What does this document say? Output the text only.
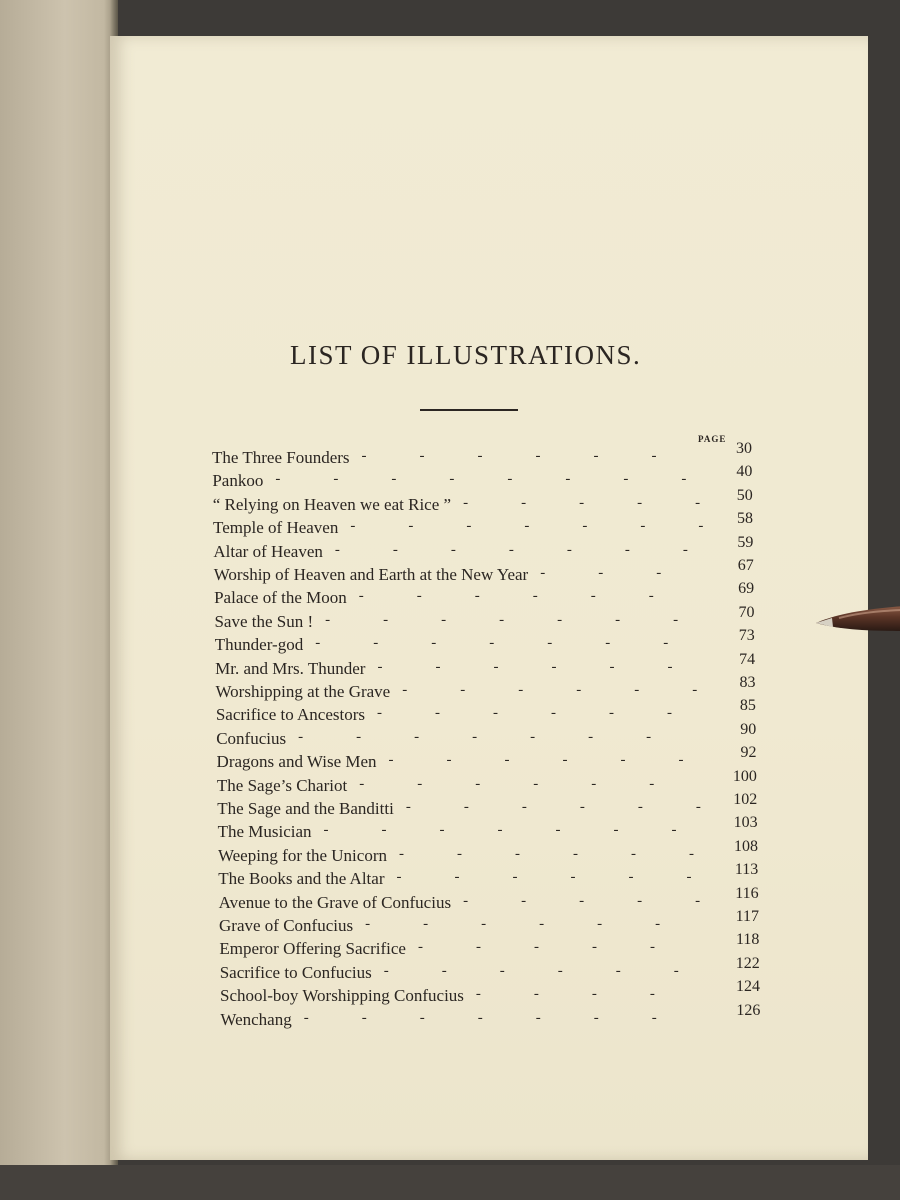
LIST OF ILLUSTRATIONS.
PAGE
The Three Founders	30
-	-	-	-	-	-
Pankoo	40
-	-	-	-	-	-	-	-
“ Relying on Heaven we eat Rice ”	50
-	-	-	-	-
Temple of Heaven	58
-	-	-	-	-	-	-
Altar of Heaven	59
-	-	-	-	-	-	-
Worship of Heaven and Earth at the New Year	67
-	-	-
Palace of the Moon	69
-	-	-	-	-	-
Save the Sun !	70
-	-	-	-	-	-	-
Thunder-god	73
-	-	-	-	-	-	-
Mr. and Mrs. Thunder	74
-	-	-	-	-	-
Worshipping at the Grave	83
-	-	-	-	-	-
Sacrifice to Ancestors	85
-	-	-	-	-	-
Confucius	90
-	-	-	-	-	-	-
Dragons and Wise Men	92
-	-	-	-	-	-
The Sage’s Chariot	100
-	-	-	-	-	-
The Sage and the Banditti	102
-	-	-	-	-	-
The Musician	103
-	-	-	-	-	-	-
Weeping for the Unicorn	108
-	-	-	-	-	-
The Books and the Altar	113
-	-	-	-	-	-
Avenue to the Grave of Confucius	116
-	-	-	-	-
Grave of Confucius	117
-	-	-	-	-	-
Emperor Offering Sacrifice	118
-	-	-	-	-
Sacrifice to Confucius	122
-	-	-	-	-	-
School-boy Worshipping Confucius	124
-	-	-	-
Wenchang	126
-	-	-	-	-	-	-
